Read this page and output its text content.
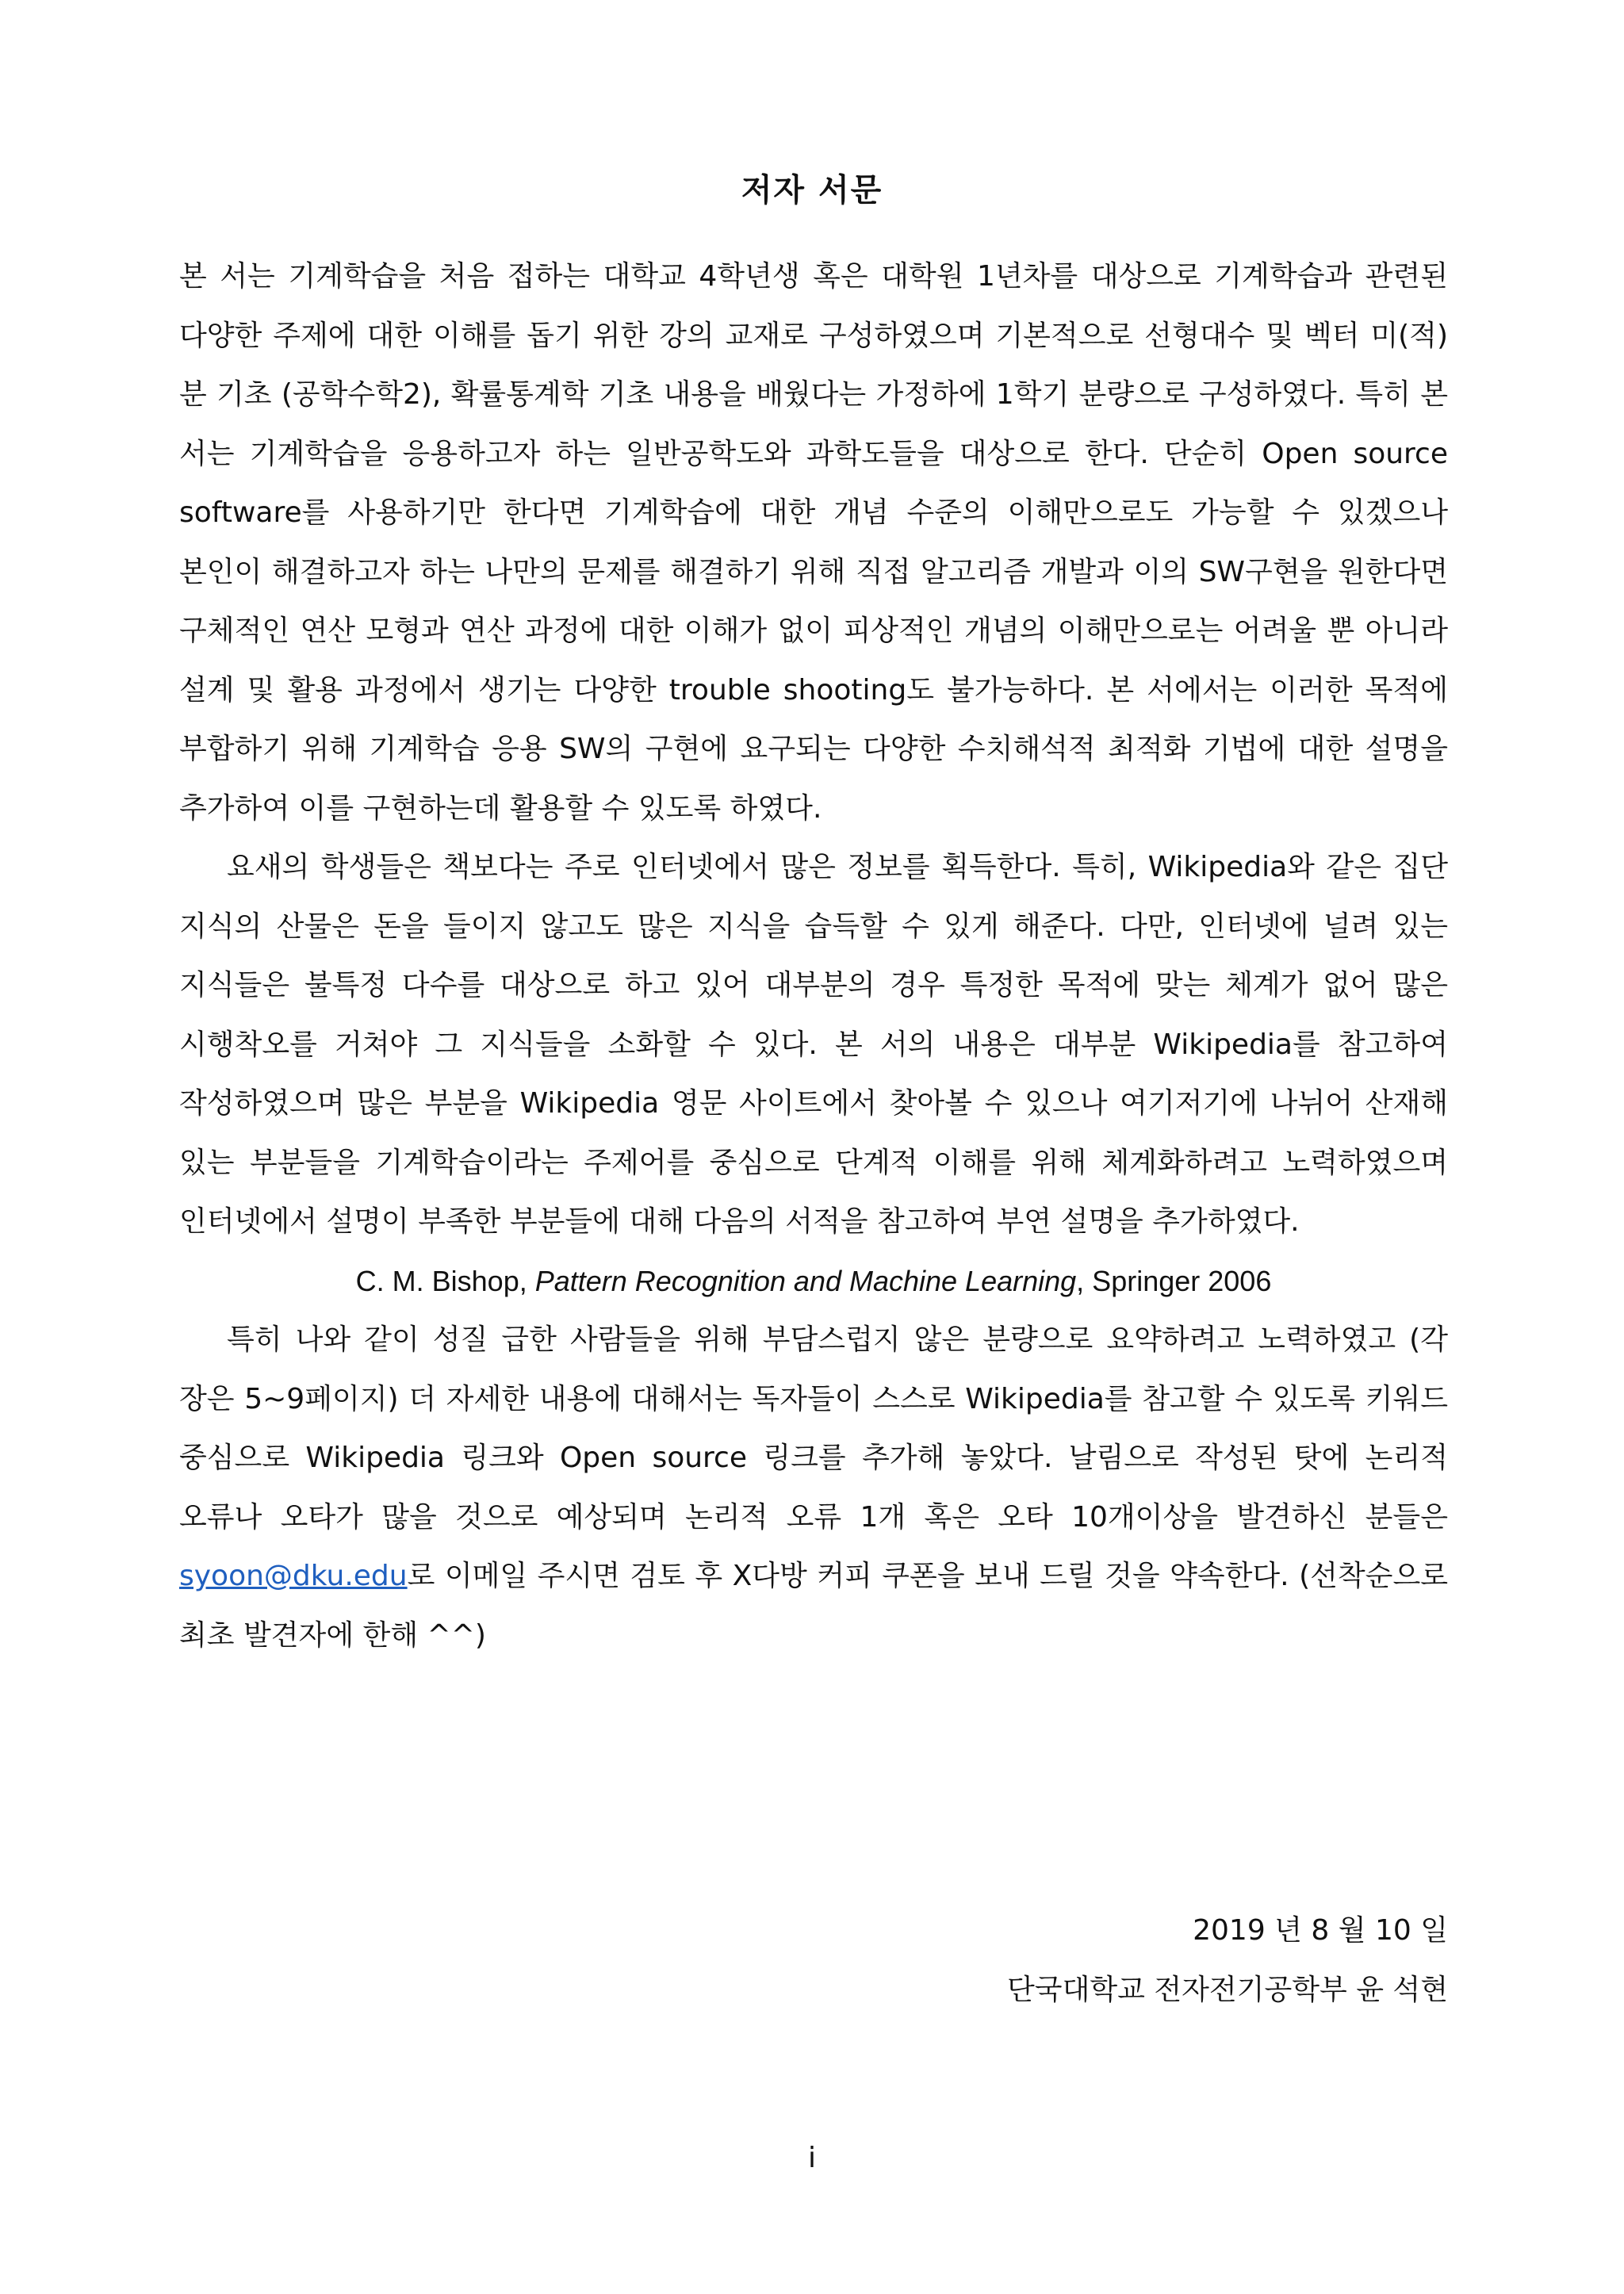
저자 서문

본 서는 기계학습을 처음 접하는 대학교 4학년생 혹은 대학원 1년차를 대상으로 기계학습과 관련된 다양한 주제에 대한 이해를 돕기 위한 강의 교재로 구성하였으며 기본적으로 선형대수 및 벡터 미(적)분 기초 (공학수학2), 확률통계학 기초 내용을 배웠다는 가정하에 1학기 분량으로 구성하였다. 특히 본 서는 기계학습을 응용하고자 하는 일반공학도와 과학도들을 대상으로 한다. 단순히 Open source software를 사용하기만 한다면 기계학습에 대한 개념 수준의 이해만으로도 가능할 수 있겠으나 본인이 해결하고자 하는 나만의 문제를 해결하기 위해 직접 알고리즘 개발과 이의 SW구현을 원한다면 구체적인 연산 모형과 연산 과정에 대한 이해가 없이 피상적인 개념의 이해만으로는 어려울 뿐 아니라 설계 및 활용 과정에서 생기는 다양한 trouble shooting도 불가능하다. 본 서에서는 이러한 목적에 부합하기 위해 기계학습 응용 SW의 구현에 요구되는 다양한 수치해석적 최적화 기법에 대한 설명을 추가하여 이를 구현하는데 활용할 수 있도록 하였다.

요새의 학생들은 책보다는 주로 인터넷에서 많은 정보를 획득한다. 특히, Wikipedia와 같은 집단 지식의 산물은 돈을 들이지 않고도 많은 지식을 습득할 수 있게 해준다. 다만, 인터넷에 널려 있는 지식들은 불특정 다수를 대상으로 하고 있어 대부분의 경우 특정한 목적에 맞는 체계가 없어 많은 시행착오를 거쳐야 그 지식들을 소화할 수 있다. 본 서의 내용은 대부분 Wikipedia를 참고하여 작성하였으며 많은 부분을 Wikipedia 영문 사이트에서 찾아볼 수 있으나 여기저기에 나뉘어 산재해 있는 부분들을 기계학습이라는 주제어를 중심으로 단계적 이해를 위해 체계화하려고 노력하였으며 인터넷에서 설명이 부족한 부분들에 대해 다음의 서적을 참고하여 부연 설명을 추가하였다.

C. M. Bishop, Pattern Recognition and Machine Learning, Springer 2006

특히 나와 같이 성질 급한 사람들을 위해 부담스럽지 않은 분량으로 요약하려고 노력하였고 (각 장은 5~9페이지) 더 자세한 내용에 대해서는 독자들이 스스로 Wikipedia를 참고할 수 있도록 키워드 중심으로 Wikipedia 링크와 Open source 링크를 추가해 놓았다. 날림으로 작성된 탓에 논리적 오류나 오타가 많을 것으로 예상되며 논리적 오류 1개 혹은 오타 10개이상을 발견하신 분들은 syoon@dku.edu로 이메일 주시면 검토 후 X다방 커피 쿠폰을 보내 드릴 것을 약속한다. (선착순으로 최초 발견자에 한해 ^^)

2019 년 8 월 10 일
단국대학교 전자전기공학부 윤 석현
i
